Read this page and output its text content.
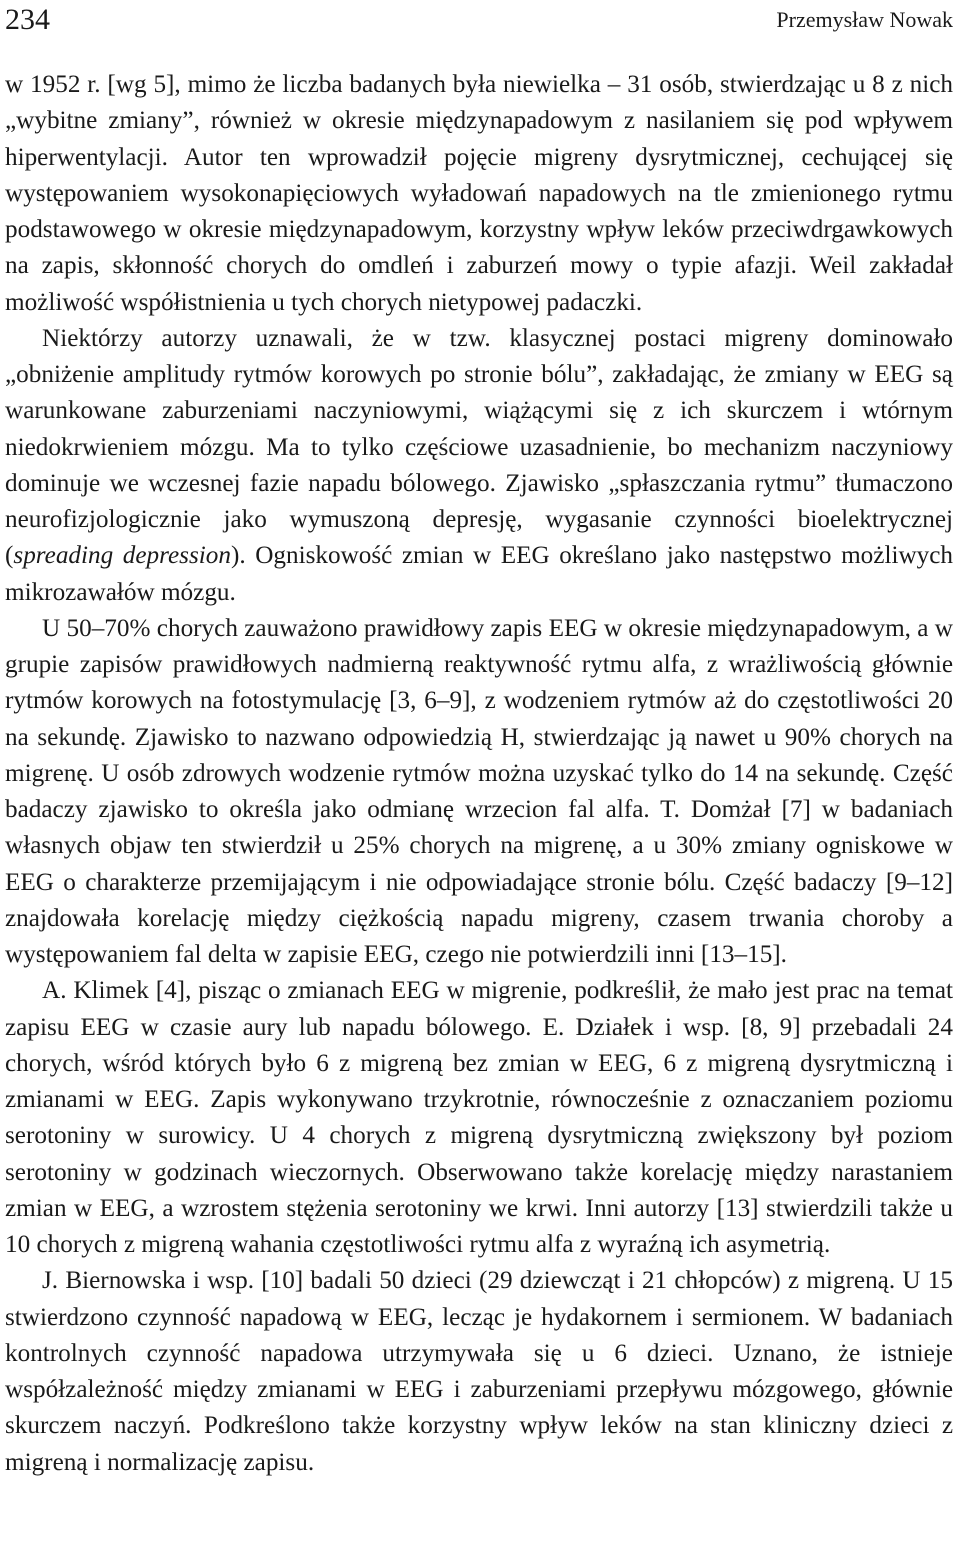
234	Przemysław Nowak

w 1952 r. [wg 5], mimo że liczba badanych była niewielka – 31 osób, stwierdzając u 8 z nich „wybitne zmiany”, również w okresie międzynapadowym z nasilaniem się pod wpływem hiperwentylacji. Autor ten wprowadził pojęcie migreny dysrytmicznej, cechującej się występowaniem wysokonapięciowych wyładowań napadowych na tle zmienionego rytmu podstawowego w okresie międzynapadowym, korzystny wpływ leków przeciwdrgawkowych na zapis, skłonność chorych do omdleń i zaburzeń mowy o typie afazji. Weil zakładał możliwość współistnienia u tych chorych nietypowej padaczki.

Niektórzy autorzy uznawali, że w tzw. klasycznej postaci migreny dominowało „obniżenie amplitudy rytmów korowych po stronie bólu”, zakładając, że zmiany w EEG są warunkowane zaburzeniami naczyniowymi, wiążącymi się z ich skurczem i wtórnym niedokrwieniem mózgu. Ma to tylko częściowe uzasadnienie, bo mechanizm naczyniowy dominuje we wczesnej fazie napadu bólowego. Zjawisko „spłaszczania rytmu” tłumaczono neurofizjologicznie jako wymuszoną depresję, wygasanie czynności bioelektrycznej (spreading depression). Ogniskowość zmian w EEG określano jako następstwo możliwych mikrozawałów mózgu.

U 50–70% chorych zauważono prawidłowy zapis EEG w okresie międzynapadowym, a w grupie zapisów prawidłowych nadmierną reaktywność rytmu alfa, z wrażliwością głównie rytmów korowych na fotostymulację [3, 6–9], z wodzeniem rytmów aż do częstotliwości 20 na sekundę. Zjawisko to nazwano odpowiedzią H, stwierdzając ją nawet u 90% chorych na migrenę. U osób zdrowych wodzenie rytmów można uzyskać tylko do 14 na sekundę. Część badaczy zjawisko to określa jako odmianę wrzecion fal alfa. T. Domżał [7] w badaniach własnych objaw ten stwierdził u 25% chorych na migrenę, a u 30% zmiany ogniskowe w EEG o charakterze przemijającym i nie odpowiadające stronie bólu. Część badaczy [9–12] znajdowała korelację między ciężkością napadu migreny, czasem trwania choroby a występowaniem fal delta w zapisie EEG, czego nie potwierdzili inni [13–15].

A. Klimek [4], pisząc o zmianach EEG w migrenie, podkreślił, że mało jest prac na temat zapisu EEG w czasie aury lub napadu bólowego. E. Działek i wsp. [8, 9] przebadali 24 chorych, wśród których było 6 z migreną bez zmian w EEG, 6 z migreną dysrytmiczną i zmianami w EEG. Zapis wykonywano trzykrotnie, równocześnie z oznaczaniem poziomu serotoniny w surowicy. U 4 chorych z migreną dysrytmiczną zwiększony był poziom serotoniny w godzinach wieczornych. Obserwowano także korelację między narastaniem zmian w EEG, a wzrostem stężenia serotoniny we krwi. Inni autorzy [13] stwierdzili także u 10 chorych z migreną wahania częstotliwości rytmu alfa z wyraźną ich asymetrią.

J. Biernowska i wsp. [10] badali 50 dzieci (29 dziewcząt i 21 chłopców) z migreną. U 15 stwierdzono czynność napadową w EEG, lecząc je hydakornem i sermionem. W badaniach kontrolnych czynność napadowa utrzymywała się u 6 dzieci. Uznano, że istnieje współzależność między zmianami w EEG i zaburzeniami przepływu mózgowego, głównie skurczem naczyń. Podkreślono także korzystny wpływ leków na stan kliniczny dzieci z migreną i normalizację zapisu.
